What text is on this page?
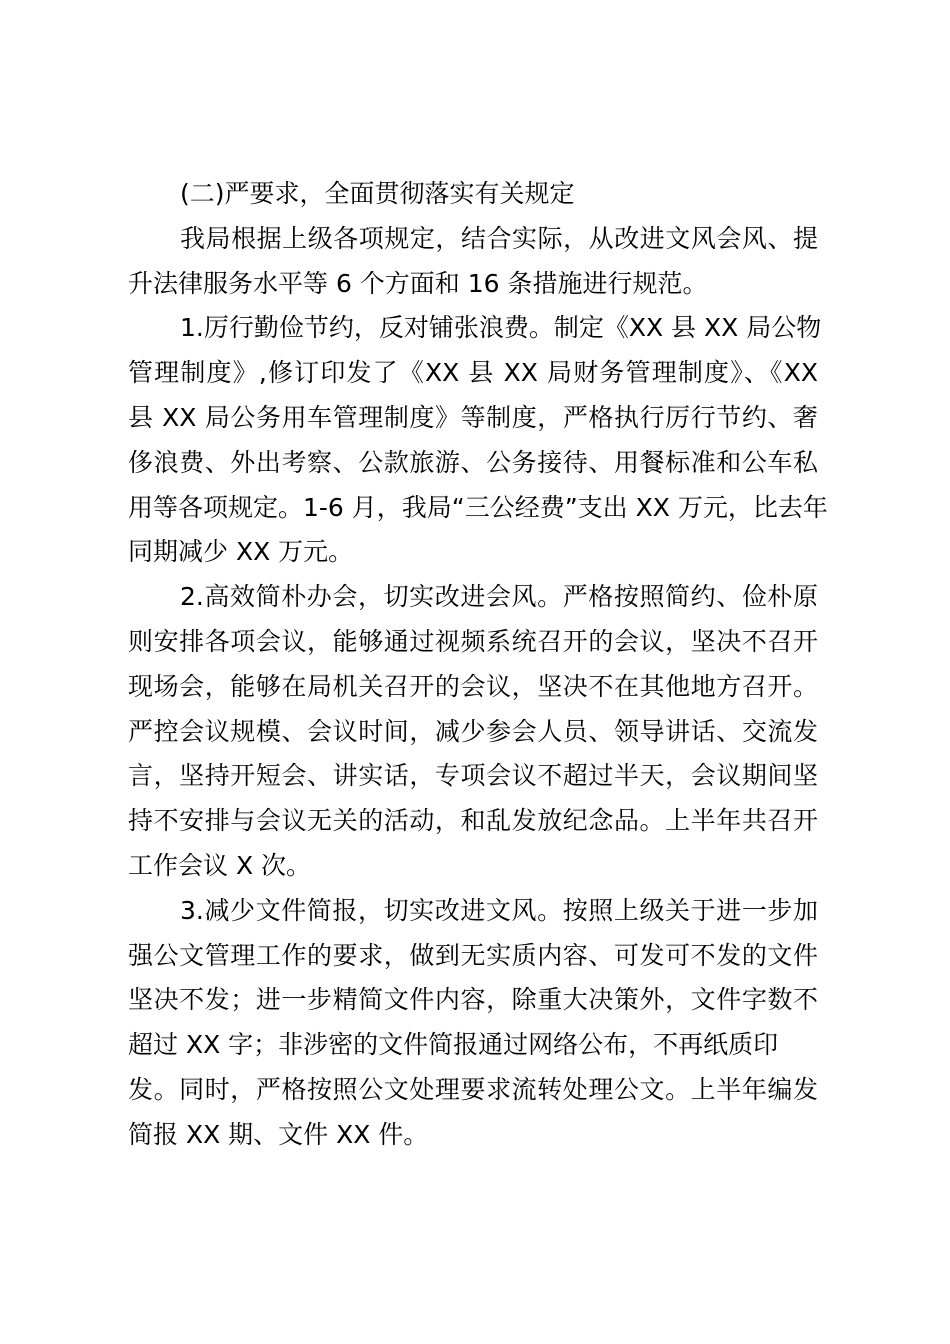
(二)严要求，全面贯彻落实有关规定
我局根据上级各项规定，结合实际，从改进文风会风、提
升法律服务水平等 6 个方面和 16 条措施进行规范。
1.厉行勤俭节约，反对铺张浪费。制定《XX 县 XX 局公物
管理制度》,修订印发了《XX 县 XX 局财务管理制度》、《XX
县 XX 局公务用车管理制度》等制度，严格执行厉行节约、奢
侈浪费、外出考察、公款旅游、公务接待、用餐标准和公车私
用等各项规定。1-6 月，我局“三公经费”支出 XX 万元，比去年
同期减少 XX 万元。
2.高效简朴办会，切实改进会风。严格按照简约、俭朴原
则安排各项会议，能够通过视频系统召开的会议，坚决不召开
现场会，能够在局机关召开的会议，坚决不在其他地方召开。
严控会议规模、会议时间，减少参会人员、领导讲话、交流发
言，坚持开短会、讲实话，专项会议不超过半天，会议期间坚
持不安排与会议无关的活动，和乱发放纪念品。上半年共召开
工作会议 X 次。
3.减少文件简报，切实改进文风。按照上级关于进一步加
强公文管理工作的要求，做到无实质内容、可发可不发的文件
坚决不发；进一步精简文件内容，除重大决策外，文件字数不
超过 XX 字；非涉密的文件简报通过网络公布，不再纸质印
发。同时，严格按照公文处理要求流转处理公文。上半年编发
简报 XX 期、文件 XX 件。
